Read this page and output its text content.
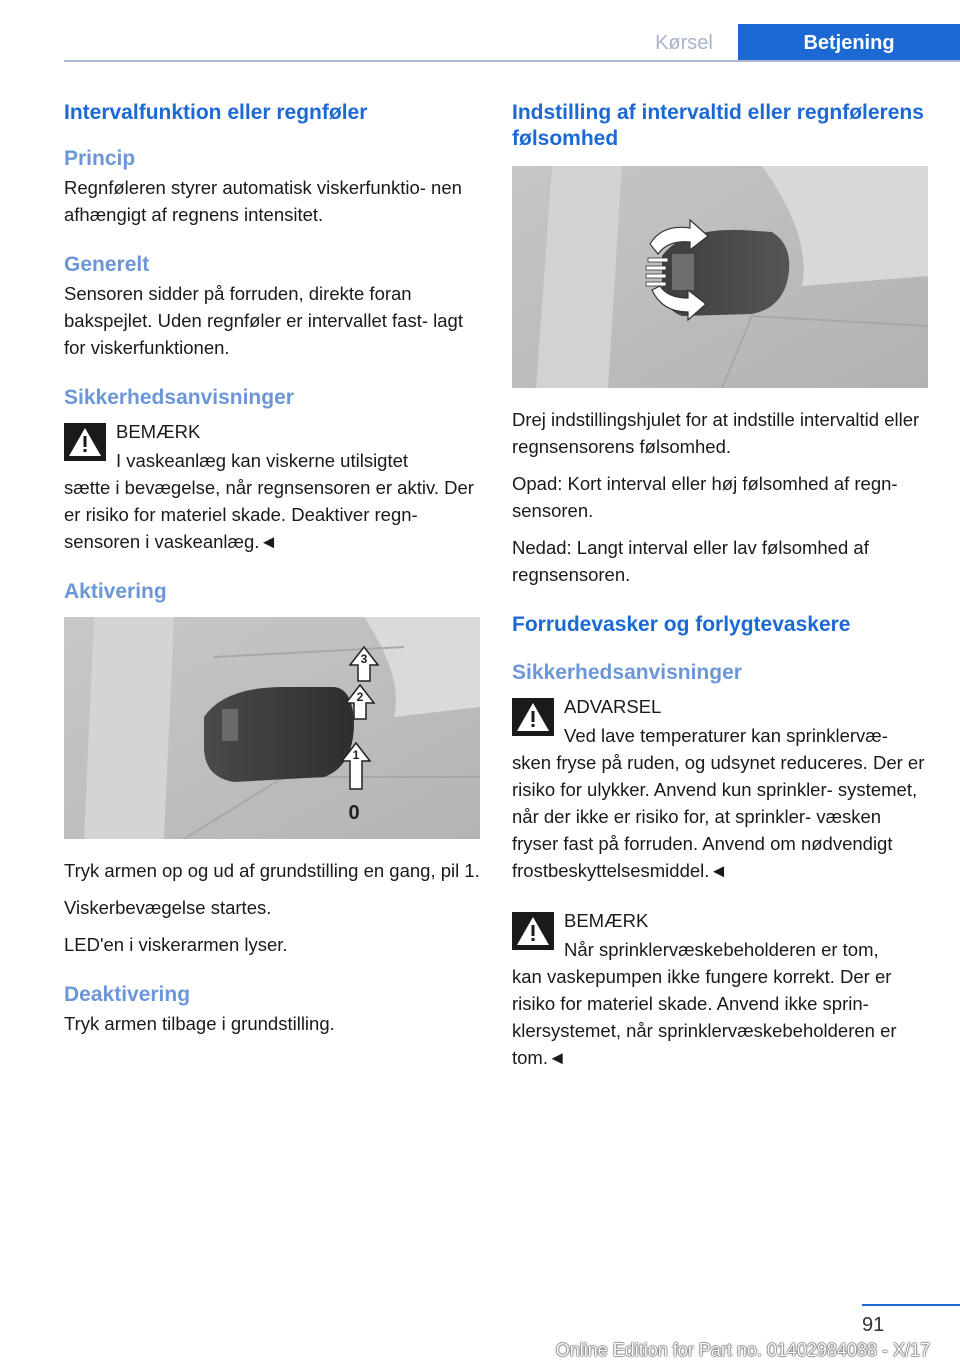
Kørsel	Betjening
Intervalfunktion eller regnføler
Princip

Regnføleren styrer automatisk viskerfunktio‐ nen afhængigt af regnens intensitet.

Generelt

Sensoren sidder på forruden, direkte foran bakspejlet. Uden regnføler er intervallet fast‐ lagt for viskerfunktionen.

Sikkerhedsanvisninger
BEMÆRK

I vaskeanlæg kan viskerne utilsigtet

sætte i bevægelse, når regnsensoren er aktiv. Der er risiko for materiel skade. Deaktiver regn‐ sensoren i vaskeanlæg.◄

Aktivering
3
2
1
0

Tryk armen op og ud af grundstilling en gang, pil 1.

Viskerbevægelse startes.

LED'en i viskerarmen lyser.

Deaktivering

Tryk armen tilbage i grundstilling.

Indstilling af intervaltid eller regnfølerens følsomhed

Drej indstillingshjulet for at indstille intervaltid eller regnsensorens følsomhed.

Opad: Kort interval eller høj følsomhed af regn‐ sensoren.

Nedad: Langt interval eller lav følsomhed af regnsensoren.

Forrudevasker og forlygtevaskere
Sikkerhedsanvisninger
ADVARSEL

Ved lave temperaturer kan sprinklervæ‐

sken fryse på ruden, og udsynet reduceres. Der er risiko for ulykker. Anvend kun sprinkler‐ systemet, når der ikke er risiko for, at sprinkler‐ væsken fryser fast på forruden. Anvend om nødvendigt frostbeskyttelsesmiddel.◄

BEMÆRK

Når sprinklervæskebeholderen er tom,

kan vaskepumpen ikke fungere korrekt. Der er risiko for materiel skade. Anvend ikke sprin‐ klersystemet, når sprinklervæskebeholderen er tom.◄

91
Online Edition for Part no. 01402984088 - X/17
